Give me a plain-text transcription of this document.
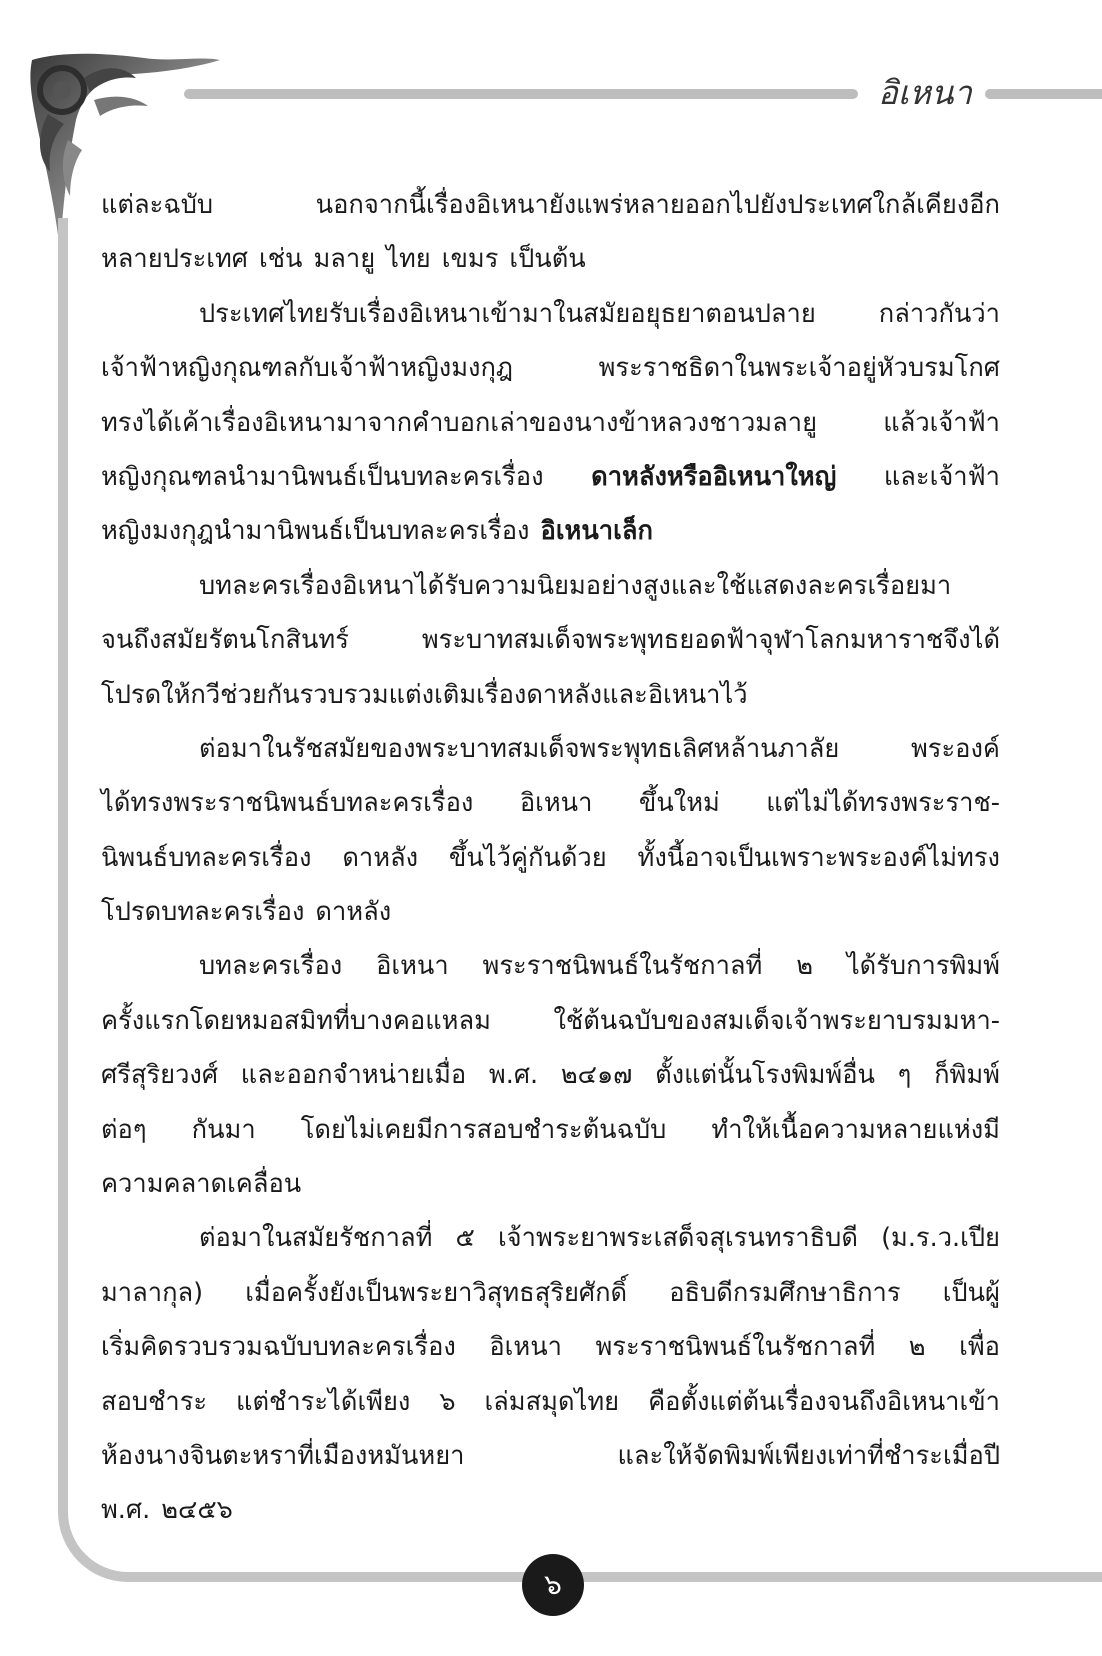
อิเหนา
แต่ละฉบับ	นอกจากนี้เรื่องอิเหนายังแพร่หลายออกไปยังประเทศใกล้เคียงอีก
หลายประเทศ เช่น มลายู ไทย เขมร เป็นต้น
ประเทศไทยรับเรื่องอิเหนาเข้ามาในสมัยอยุธยาตอนปลาย กล่าวกันว่า
เจ้าฟ้าหญิงกุณฑลกับเจ้าฟ้าหญิงมงกุฎ	พระราชธิดาในพระเจ้าอยู่หัวบรมโกศ
ทรงได้เค้าเรื่องอิเหนามาจากคำบอกเล่าของนางข้าหลวงชาวมลายู	แล้วเจ้าฟ้า
หญิงกุณฑลนำมานิพนธ์เป็นบทละครเรื่อง ดาหลังหรืออิเหนาใหญ่ และเจ้าฟ้า
หญิงมงกุฎนำมานิพนธ์เป็นบทละครเรื่อง อิเหนาเล็ก
บทละครเรื่องอิเหนาได้รับความนิยมอย่างสูงและใช้แสดงละครเรื่อยมา
จนถึงสมัยรัตนโกสินทร์	พระบาทสมเด็จพระพุทธยอดฟ้าจุฬาโลกมหาราชจึงได้
โปรดให้กวีช่วยกันรวบรวมแต่งเติมเรื่องดาหลังและอิเหนาไว้
ต่อมาในรัชสมัยของพระบาทสมเด็จพระพุทธเลิศหล้านภาลัย	พระองค์
ได้ทรงพระราชนิพนธ์บทละครเรื่อง อิเหนา ขึ้นใหม่ แต่ไม่ได้ทรงพระราช-
นิพนธ์บทละครเรื่อง ดาหลัง ขึ้นไว้คู่กันด้วย ทั้งนี้อาจเป็นเพราะพระองค์ไม่ทรง
โปรดบทละครเรื่อง ดาหลัง
บทละครเรื่อง อิเหนา พระราชนิพนธ์ในรัชกาลที่ ๒ ได้รับการพิมพ์
ครั้งแรกโดยหมอสมิทที่บางคอแหลม ใช้ต้นฉบับของสมเด็จเจ้าพระยาบรมมหา-
ศรีสุริยวงศ์ และออกจำหน่ายเมื่อ พ.ศ. ๒๔๑๗ ตั้งแต่นั้นโรงพิมพ์อื่น ๆ ก็พิมพ์
ต่อๆ กันมา โดยไม่เคยมีการสอบชำระต้นฉบับ ทำให้เนื้อความหลายแห่งมี
ความคลาดเคลื่อน
ต่อมาในสมัยรัชกาลที่ ๕ เจ้าพระยาพระเสด็จสุเรนทราธิบดี (ม.ร.ว.เปีย
มาลากุล) เมื่อครั้งยังเป็นพระยาวิสุทธสุริยศักดิ์ อธิบดีกรมศึกษาธิการ เป็นผู้
เริ่มคิดรวบรวมฉบับบทละครเรื่อง อิเหนา พระราชนิพนธ์ในรัชกาลที่ ๒ เพื่อ
สอบชำระ แต่ชำระได้เพียง ๖ เล่มสมุดไทย คือตั้งแต่ต้นเรื่องจนถึงอิเหนาเข้า
ห้องนางจินตะหราที่เมืองหมันหยา	และให้จัดพิมพ์เพียงเท่าที่ชำระเมื่อปี
พ.ศ. ๒๔๕๖
๖
